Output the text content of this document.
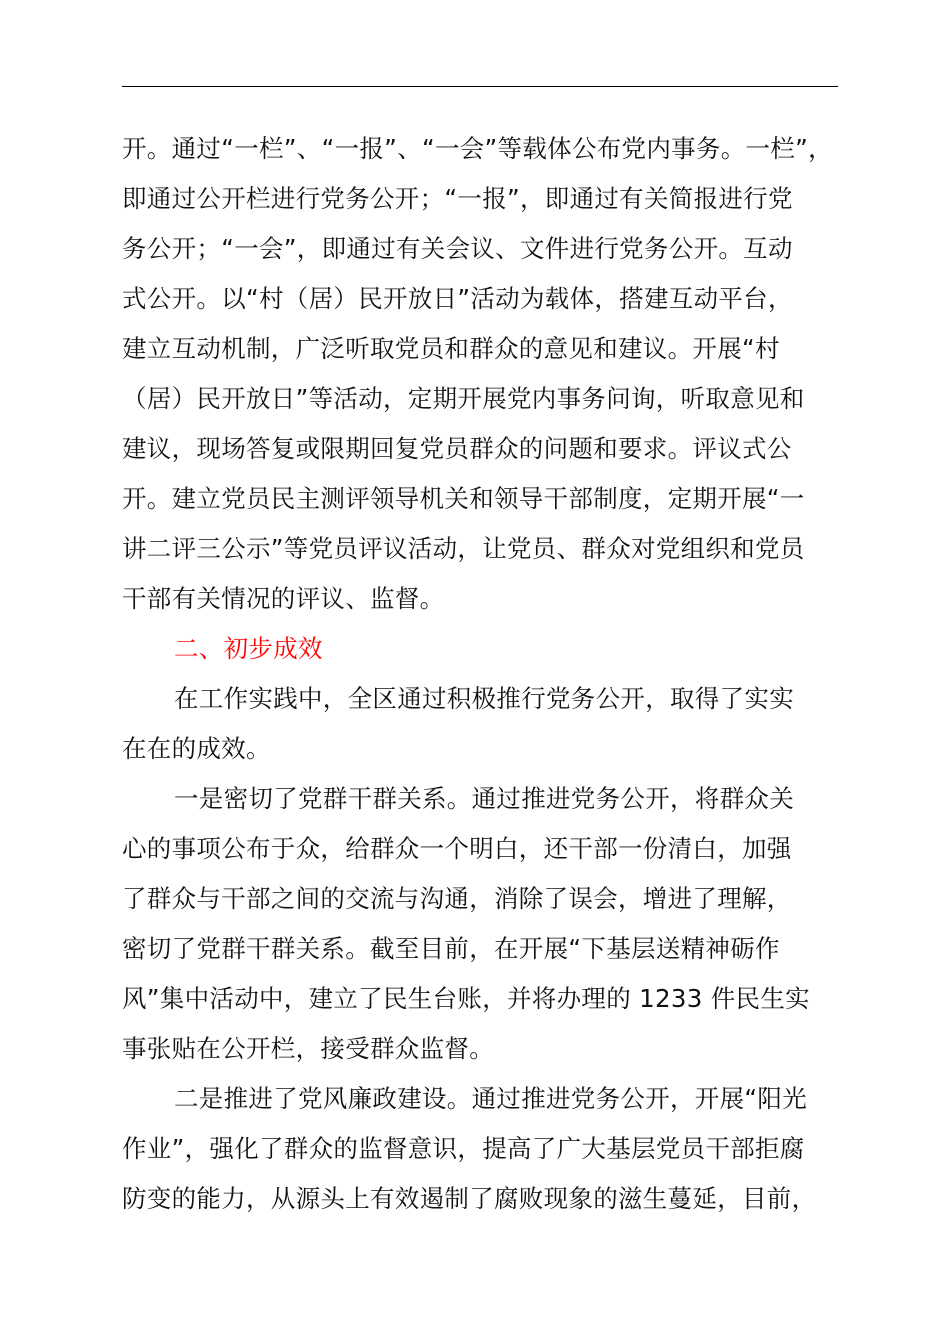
开。通过“一栏”、“一报”、“一会”等载体公布党内事务。一栏”，
即通过公开栏进行党务公开；“一报”，即通过有关简报进行党
务公开；“一会”，即通过有关会议、文件进行党务公开。互动
式公开。以“村（居）民开放日”活动为载体，搭建互动平台，
建立互动机制，广泛听取党员和群众的意见和建议。开展“村
（居）民开放日”等活动，定期开展党内事务问询，听取意见和
建议，现场答复或限期回复党员群众的问题和要求。评议式公
开。建立党员民主测评领导机关和领导干部制度，定期开展“一
讲二评三公示”等党员评议活动，让党员、群众对党组织和党员
干部有关情况的评议、监督。
二、初步成效
在工作实践中，全区通过积极推行党务公开，取得了实实
在在的成效。
一是密切了党群干群关系。通过推进党务公开，将群众关
心的事项公布于众，给群众一个明白，还干部一份清白，加强
了群众与干部之间的交流与沟通，消除了误会，增进了理解，
密切了党群干群关系。截至目前，在开展“下基层送精神砺作
风”集中活动中，建立了民生台账，并将办理的 1233 件民生实
事张贴在公开栏，接受群众监督。
二是推进了党风廉政建设。通过推进党务公开，开展“阳光
作业”，强化了群众的监督意识，提高了广大基层党员干部拒腐
防变的能力，从源头上有效遏制了腐败现象的滋生蔓延，目前，
